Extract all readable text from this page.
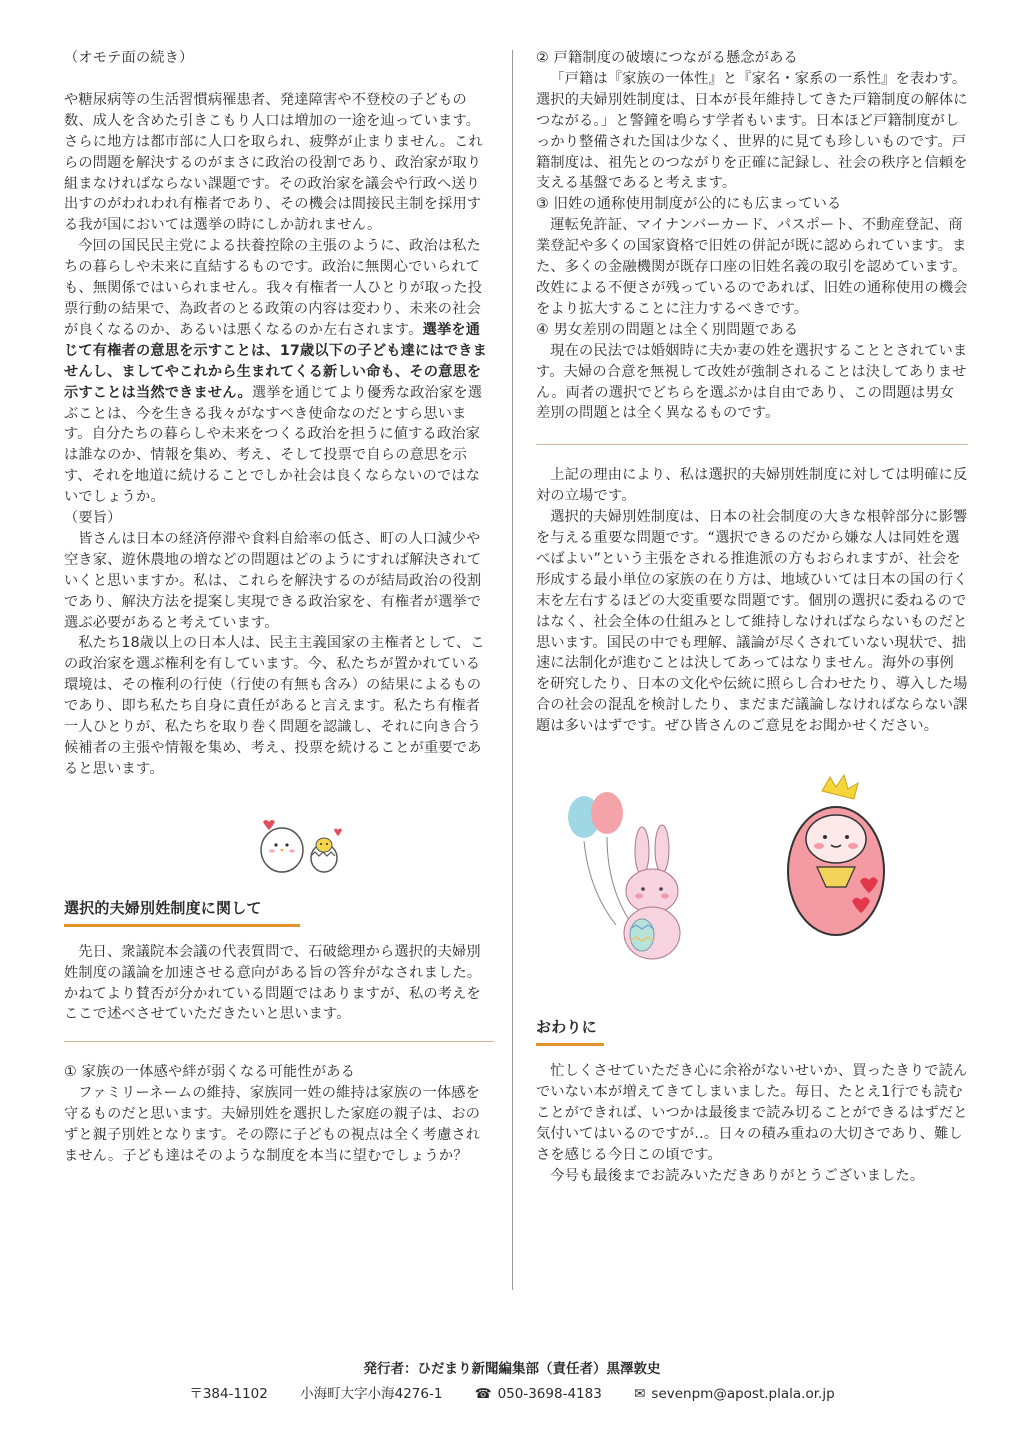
（オモテ面の続き）

や糖尿病等の生活習慣病罹患者、発達障害や不登校の子どもの数、成人を含めた引きこもり人口は増加の一途を辿っています。さらに地方は都市部に人口を取られ、疲弊が止まりません。これらの問題を解決するのがまさに政治の役割であり、政治家が取り組まなければならない課題です。その政治家を議会や行政へ送り出すのがわれわれ有権者であり、その機会は間接民主制を採用する我が国においては選挙の時にしか訪れません。

今回の国民民主党による扶養控除の主張のように、政治は私たちの暮らしや未来に直結するものです。政治に無関心でいられても、無関係ではいられません。我々有権者一人ひとりが取った投票行動の結果で、為政者のとる政策の内容は変わり、未来の社会が良くなるのか、あるいは悪くなるのか左右されます。選挙を通じて有権者の意思を示すことは、17歳以下の子ども達にはできませんし、ましてやこれから生まれてくる新しい命も、その意思を示すことは当然できません。選挙を通じてより優秀な政治家を選ぶことは、今を生きる我々がなすべき使命なのだとすら思います。自分たちの暮らしや未来をつくる政治を担うに値する政治家は誰なのか、情報を集め、考え、そして投票で自らの意思を示す、それを地道に続けることでしか社会は良くならないのではないでしょうか。

（要旨）

皆さんは日本の経済停滞や食料自給率の低さ、町の人口減少や空き家、遊休農地の増などの問題はどのようにすれば解決されていくと思いますか。私は、これらを解決するのが結局政治の役割であり、解決方法を提案し実現できる政治家を、有権者が選挙で選ぶ必要があると考えています。

私たち18歳以上の日本人は、民主主義国家の主権者として、この政治家を選ぶ権利を有しています。今、私たちが置かれている環境は、その権利の行使（行使の有無も含み）の結果によるものであり、即ち私たち自身に責任があると言えます。私たち有権者一人ひとりが、私たちを取り巻く問題を認識し、それに向き合う候補者の主張や情報を集め、考え、投票を続けることが重要であると思います。

選択的夫婦別姓制度に関して

先日、衆議院本会議の代表質問で、石破総理から選択的夫婦別姓制度の議論を加速させる意向がある旨の答弁がなされました。かねてより賛否が分かれている問題ではありますが、私の考えをここで述べさせていただきたいと思います。

① 家族の一体感や絆が弱くなる可能性がある

ファミリーネームの維持、家族同一姓の維持は家族の一体感を守るものだと思います。夫婦別姓を選択した家庭の親子は、おのずと親子別姓となります。その際に子どもの視点は全く考慮されません。子ども達はそのような制度を本当に望むでしょうか？

② 戸籍制度の破壊につながる懸念がある

「戸籍は『家族の一体性』と『家名・家系の一系性』を表わす。選択的夫婦別姓制度は、日本が長年維持してきた戸籍制度の解体につながる。」と警鐘を鳴らす学者もいます。日本ほど戸籍制度がしっかり整備された国は少なく、世界的に見ても珍しいものです。戸籍制度は、祖先とのつながりを正確に記録し、社会の秩序と信頼を支える基盤であると考えます。

③ 旧姓の通称使用制度が公的にも広まっている

運転免許証、マイナンバーカード、パスポート、不動産登記、商業登記や多くの国家資格で旧姓の併記が既に認められています。また、多くの金融機関が既存口座の旧姓名義の取引を認めています。改姓による不便さが残っているのであれば、旧姓の通称使用の機会をより拡大することに注力するべきです。

④ 男女差別の問題とは全く別問題である

現在の民法では婚姻時に夫か妻の姓を選択することとされています。夫婦の合意を無視して改姓が強制されることは決してありません。両者の選択でどちらを選ぶかは自由であり、この問題は男女差別の問題とは全く異なるものです。

上記の理由により、私は選択的夫婦別姓制度に対しては明確に反対の立場です。

選択的夫婦別姓制度は、日本の社会制度の大きな根幹部分に影響を与える重要な問題です。“選択できるのだから嫌な人は同姓を選べばよい”という主張をされる推進派の方もおられますが、社会を形成する最小単位の家族の在り方は、地域ひいては日本の国の行く末を左右するほどの大変重要な問題です。個別の選択に委ねるのではなく、社会全体の仕組みとして維持しなければならないものだと思います。国民の中でも理解、議論が尽くされていない現状で、拙速に法制化が進むことは決してあってはなりません。海外の事例を研究したり、日本の文化や伝統に照らし合わせたり、導入した場合の社会の混乱を検討したり、まだまだ議論しなければならない課題は多いはずです。ぜひ皆さんのご意見をお聞かせください。

おわりに

忙しくさせていただき心に余裕がないせいか、買ったきりで読んでいない本が増えてきてしまいました。毎日、たとえ1行でも読むことができれば、いつかは最後まで読み切ることができるはずだと気付いてはいるのですが‥。日々の積み重ねの大切さであり、難しさを感じる今日この頃です。

今号も最後までお読みいただきありがとうございました。

発行者：ひだまり新聞編集部（責任者）黒澤敦史
〒384-1102 小海町大字小海4276-1 ☎ 050-3698-4183 ✉ sevenpm@apost.plala.or.jp
